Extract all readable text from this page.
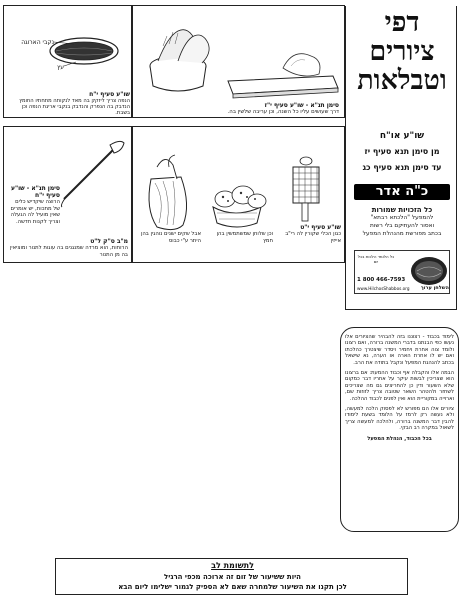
נקבי הארוגה
עץ
שו"ע סעיף י"ח
הנפה צריך ליזקק בה מאד לנקותה מתחתיו החומץ הנדבק בה הנפרק והנדבק בנקבי אריגת הנפה וכן בשבת.
סימן תנ"א - שו"ע סעיף י"ז
דרך שעושים עליו כל השנה, וכן עריבה שלשין בה.
סימן תנ"א - שו"ע סעיף י"ח
הרוצה שיקדיש כלים של מתכות, יש אומרים שאין מועיל לה הגעלה וצריך לקנות חדשה.
מ"ב ס"ק ל"ט
הרוחות, הוא מרדה שמנגנים בה עוגות לתנור ומוציאין בה מן התנור
שו"ע סעיף י"ט
כגון הכלי שקורין לה רי"ב אייזין
וכן שלוחן שמשתמשין בהן חמץ
אבל שקים ישנים נוהגין בהן היתר ע"י כבוס
דפי
ציורים
וטבלאות
שו"ע או"ח
מן סימן תנא סעיף יז
עד סימן תנא סעיף כג
כ"ה אדר
כל הזכויות שמורות
להמפעל "הלכתא רבתא"
ואסור להעתיקם בלי רשות
בכתב מפורשת מהנהלת המפעל
כל הלומד הלכות בכל יום
1 800 466-7593
www.HilchosShabbos.org	השלחן ערוך

לימוד בכבוד - רצוננו בזה להבהיר שהציורים אלו נעשו כפי הבנתנו בדברי המשנה ברורה, ואם רצונו ולומד צוה אחרת ויחמיר ויסדר שיצטרך כהלכתו ואם יש לו אחרת הארה או הערה, נא שישאל בכתב להנהגת המפעל ונקבל בתודה את הרב.

הבמה אלו והקבלה אף וכבוד ההמעת: אם ברצונו הוא שצריכין לבשות עיקר על אחריו דבר כמקום שלא השעור ודין כן להחריצים גם מה שצריכים לשחזר ולהטהר השאר שטובה צריך לזוזות שם, וארוייה במקוריית הוא ואין לפנים לכבוד ההלכה.

ציורים אלו הם מפורש לא לפסוק הלכה למעשה, ולא נעשה רק לרמז על הלומד בשעת לימודו להבין דבר המשנה ברורה, ולהלכה למעשה צריך לשאול במקרה רב הבקי.

בכל הכבוד, הנהלת המפעל

לתשומת לב
היות ששיעור של זום זה ארוכה מכפי הרגיל
לכן תקנו את השיעור שלמחרה שאם לא הספיק לגמור ישלימו ליום הבא
